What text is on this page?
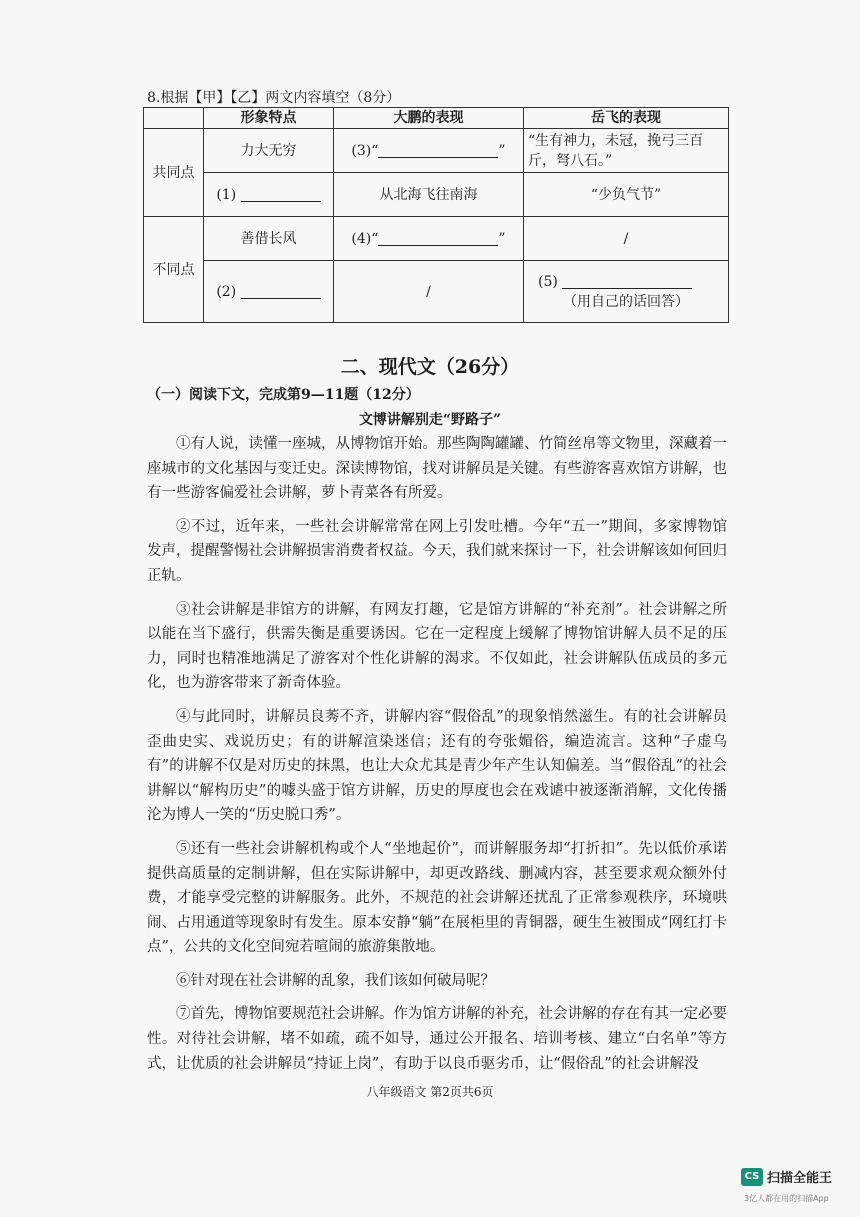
8.根据【甲】【乙】两文内容填空（8分）
	形象特点	大鹏的表现	岳飞的表现
共同点	力大无穷	(3)“ ”	“生有神力，未冠，挽弓三百斤，弩八石。”
	(1)	从北海飞往南海	“少负气节”
不同点	善借长风	(4)“ ”	/
	(2)	/	(5)
（用自己的话回答）
二、现代文（26分）
（一）阅读下文，完成第9—11题（12分）
文博讲解别走“野路子”

①有人说，读懂一座城，从博物馆开始。那些陶陶罐罐、竹简丝帛等文物里，深藏着一座城市的文化基因与变迁史。深读博物馆，找对讲解员是关键。有些游客喜欢馆方讲解，也有一些游客偏爱社会讲解，萝卜青菜各有所爱。

②不过，近年来，一些社会讲解常常在网上引发吐槽。今年“五一”期间，多家博物馆发声，提醒警惕社会讲解损害消费者权益。今天，我们就来探讨一下，社会讲解该如何回归正轨。

③社会讲解是非馆方的讲解，有网友打趣，它是馆方讲解的“补充剂”。社会讲解之所以能在当下盛行，供需失衡是重要诱因。它在一定程度上缓解了博物馆讲解人员不足的压力，同时也精准地满足了游客对个性化讲解的渴求。不仅如此，社会讲解队伍成员的多元化，也为游客带来了新奇体验。

④与此同时，讲解员良莠不齐，讲解内容“假俗乱”的现象悄然滋生。有的社会讲解员歪曲史实、戏说历史；有的讲解渲染迷信；还有的夸张媚俗，编造流言。这种“子虚乌有”的讲解不仅是对历史的抹黑，也让大众尤其是青少年产生认知偏差。当“假俗乱”的社会讲解以“解构历史”的噱头盛于馆方讲解，历史的厚度也会在戏谑中被逐渐消解，文化传播沦为博人一笑的“历史脱口秀”。

⑤还有一些社会讲解机构或个人“坐地起价”，而讲解服务却“打折扣”。先以低价承诺提供高质量的定制讲解，但在实际讲解中，却更改路线、删减内容，甚至要求观众额外付费，才能享受完整的讲解服务。此外，不规范的社会讲解还扰乱了正常参观秩序，环境哄闹、占用通道等现象时有发生。原本安静“躺”在展柜里的青铜器，硬生生被围成“网红打卡点”，公共的文化空间宛若喧闹的旅游集散地。

⑥针对现在社会讲解的乱象，我们该如何破局呢？

⑦首先，博物馆要规范社会讲解。作为馆方讲解的补充，社会讲解的存在有其一定必要性。对待社会讲解，堵不如疏，疏不如导，通过公开报名、培训考核、建立“白名单”等方式，让优质的社会讲解员“持证上岗”，有助于以良币驱劣币，让“假俗乱”的社会讲解没

八年级语文 第2页共6页
CS 扫描全能王
3亿人都在用的扫描App
